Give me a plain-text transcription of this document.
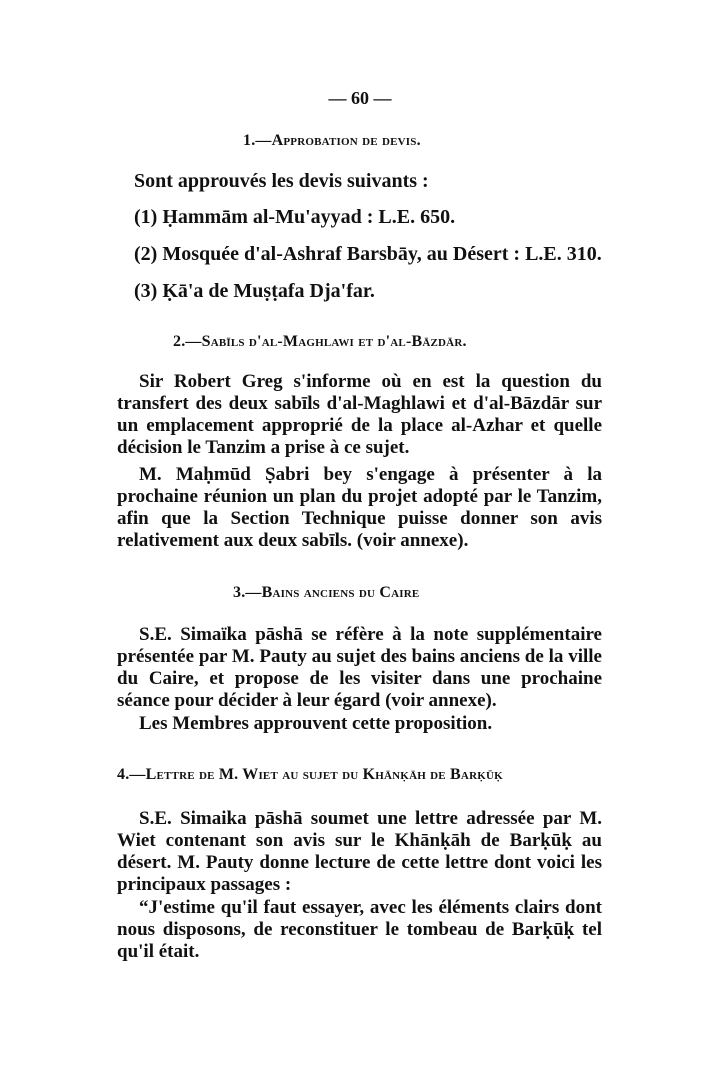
— 60 —
1.—Approbation de devis.
Sont approuvés les devis suivants :
(1) Ḥammām al-Mu'ayyad : L.E. 650.
(2) Mosquée d'al-Ashraf Barsbāy, au Désert : L.E. 310.
(3) Ḳā'a de Muṣṭafa Dja'far.
2.—Sabīls d'al-Maghlawi et d'al-Bāzdār.

Sir Robert Greg s'informe où en est la question du transfert des deux sabīls d'al-Maghlawi et d'al-Bāzdār sur un emplacement approprié de la place al-Azhar et quelle décision le Tanzim a prise à ce sujet.

M. Maḥmūd Ṣabri bey s'engage à présenter à la prochaine réunion un plan du projet adopté par le Tanzim, afin que la Section Technique puisse donner son avis relativement aux deux sabīls. (voir annexe).

3.—Bains anciens du Caire

S.E. Simaïka pāshā se réfère à la note supplémentaire présentée par M. Pauty au sujet des bains anciens de la ville du Caire, et propose de les visiter dans une prochaine séance pour décider à leur égard (voir annexe).

Les Membres approuvent cette proposition.

4.—Lettre de M. Wiet au sujet du Khānḳāh de Barḳūḳ

S.E. Simaika pāshā soumet une lettre adressée par M. Wiet contenant son avis sur le Khānḳāh de Barḳūḳ au désert. M. Pauty donne lecture de cette lettre dont voici les principaux passages :

“J'estime qu'il faut essayer, avec les éléments clairs dont nous disposons, de reconstituer le tombeau de Barḳūḳ tel qu'il était.
